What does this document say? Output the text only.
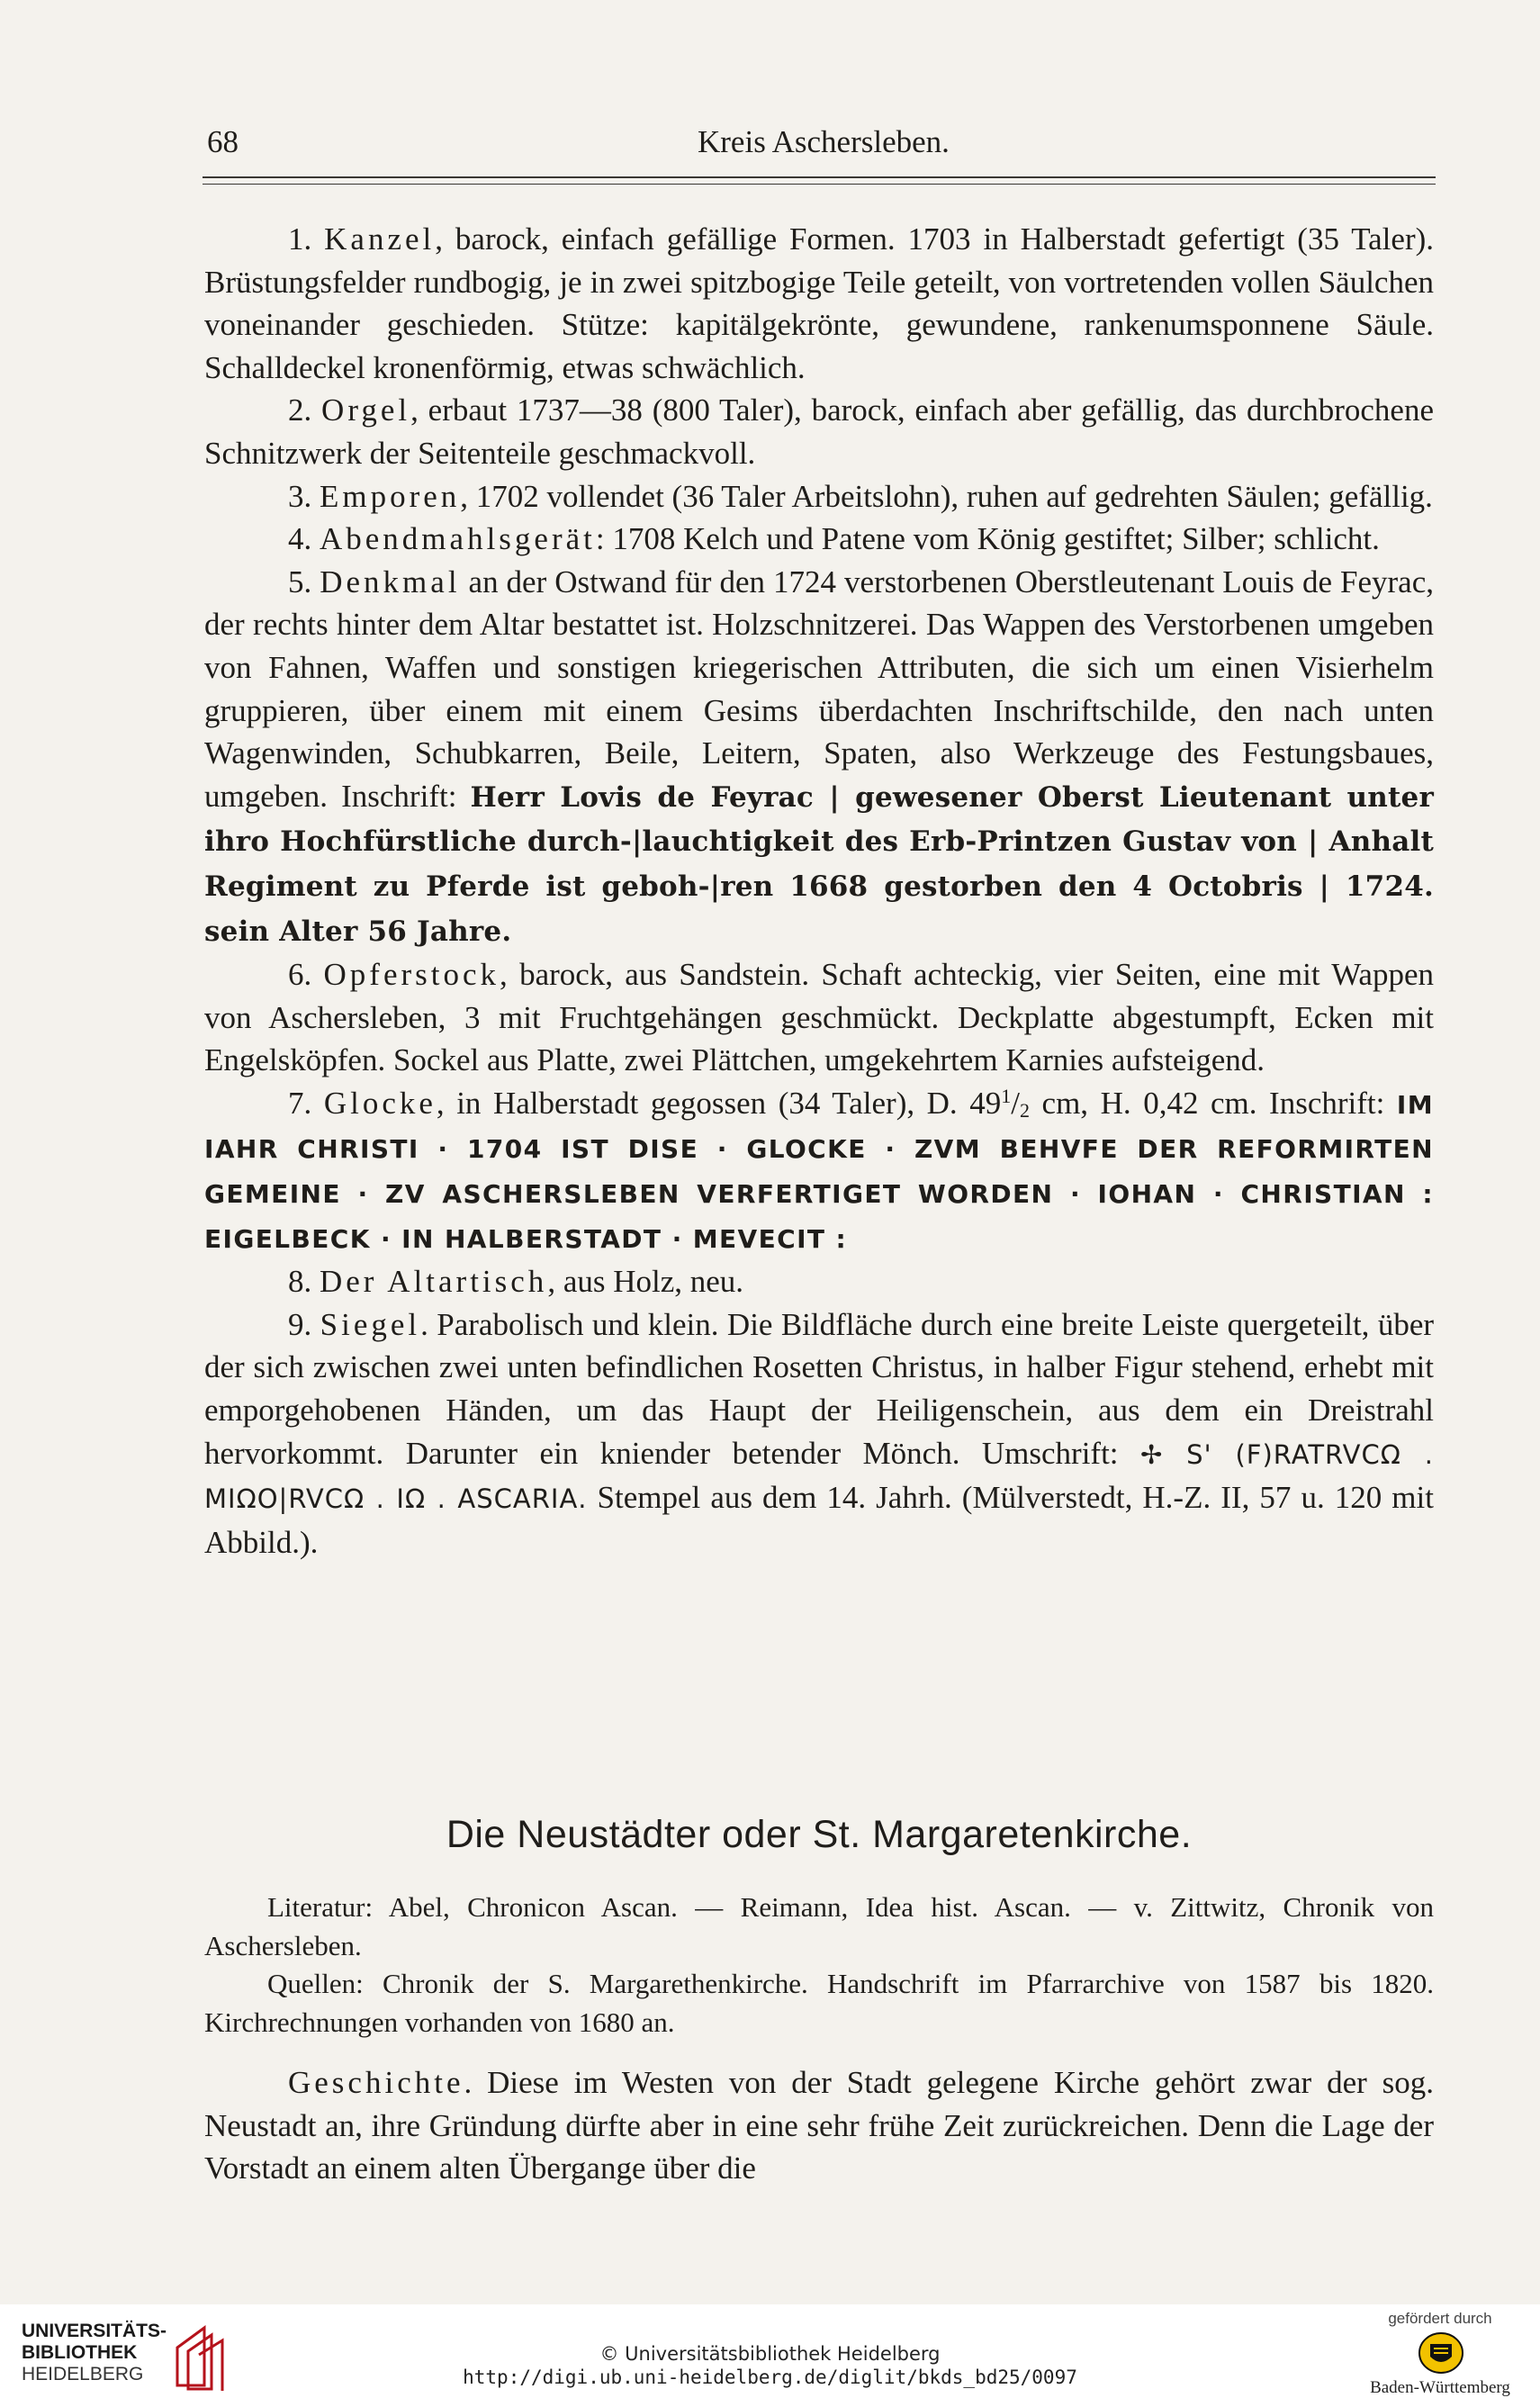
68	Kreis Aschersleben.

1. Kanzel, barock, einfach gefällige Formen. 1703 in Halberstadt gefertigt (35 Taler). Brüstungsfelder rundbogig, je in zwei spitzbogige Teile geteilt, von vortretenden vollen Säulchen voneinander geschieden. Stütze: kapitälgekrönte, gewundene, rankenumsponnene Säule. Schalldeckel kronenförmig, etwas schwächlich.

2. Orgel, erbaut 1737—38 (800 Taler), barock, einfach aber gefällig, das durchbrochene Schnitzwerk der Seitenteile geschmackvoll.

3. Emporen, 1702 vollendet (36 Taler Arbeitslohn), ruhen auf gedrehten Säulen; gefällig.

4. Abendmahlsgerät: 1708 Kelch und Patene vom König gestiftet; Silber; schlicht.

5. Denkmal an der Ostwand für den 1724 verstorbenen Oberstleutenant Louis de Feyrac, der rechts hinter dem Altar bestattet ist. Holzschnitzerei. Das Wappen des Verstorbenen umgeben von Fahnen, Waffen und sonstigen kriegerischen Attributen, die sich um einen Visierhelm gruppieren, über einem mit einem Gesims überdachten Inschriftschilde, den nach unten Wagenwinden, Schubkarren, Beile, Leitern, Spaten, also Werkzeuge des Festungsbaues, umgeben. Inschrift: Herr Lovis de Feyrac | gewesener Oberst Lieutenant unter ihro Hochfürstliche durch-|lauchtigkeit des Erb-Printzen Gustav von | Anhalt Regiment zu Pferde ist geboh-|ren 1668 gestorben den 4 Octobris | 1724. sein Alter 56 Jahre.

6. Opferstock, barock, aus Sandstein. Schaft achteckig, vier Seiten, eine mit Wappen von Aschersleben, 3 mit Fruchtgehängen geschmückt. Deckplatte abgestumpft, Ecken mit Engelsköpfen. Sockel aus Platte, zwei Plättchen, umgekehrtem Karnies aufsteigend.

7. Glocke, in Halberstadt gegossen (34 Taler), D. $49^1/_2$ cm, H. 0,42 cm. Inschrift: IM IAHR CHRISTI · 1704 IST DISE · GLOCKE · ZVM BEHVFE DER REFORMIRTEN GEMEINE · ZV ASCHERSLEBEN VERFERTIGET WORDEN · IOHAN · CHRISTIAN : EIGELBECK · IN HALBERSTADT · MEVECIT :

8. Der Altartisch, aus Holz, neu.

9. Siegel. Parabolisch und klein. Die Bildfläche durch eine breite Leiste quergeteilt, über der sich zwischen zwei unten befindlichen Rosetten Christus, in halber Figur stehend, erhebt mit emporgehobenen Händen, um das Haupt der Heiligenschein, aus dem ein Dreistrahl hervorkommt. Darunter ein kniender betender Mönch. Umschrift: ✢ S' (F)RATRVCΩ . MIΩO|RVCΩ . IΩ . ΑSCΑRIΑ. Stempel aus dem 14. Jahrh. (Mülverstedt, H.-Z. II, 57 u. 120 mit Abbild.).

Die Neustädter oder St. Margaretenkirche.

Literatur: Abel, Chronicon Ascan. — Reimann, Idea hist. Ascan. — v. Zittwitz, Chronik von Aschersleben.

Quellen: Chronik der S. Margarethenkirche. Handschrift im Pfarrarchive von 1587 bis 1820. Kirchrechnungen vorhanden von 1680 an.

Geschichte. Diese im Westen von der Stadt gelegene Kirche gehört zwar der sog. Neustadt an, ihre Gründung dürfte aber in eine sehr frühe Zeit zurückreichen. Denn die Lage der Vorstadt an einem alten Übergange über die

UNIVERSITÄTS-
BIBLIOTHEK
HEIDELBERG
© Universitätsbibliothek Heidelberg
http://digi.ub.uni-heidelberg.de/diglit/bkds_bd25/0097
gefördert durch
Baden-Württemberg
